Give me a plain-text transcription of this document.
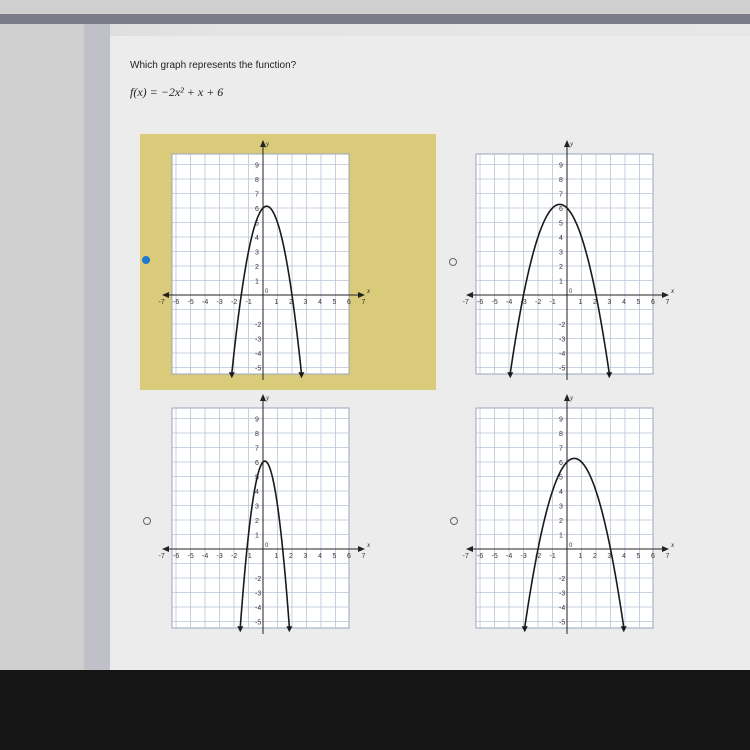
Which graph represents the function?
f(x) = −2x² + x + 6
x
y
-7 -6 -5 -4 -3 -2 -1	1 2 3 4 5 6 7
0
9
8
7
6
5
4
3
2
1
-2
-3
-4
-5
x
y
-7 -6 -5 -4 -3 -2 -1	1 2 3 4 5 6 7
0
9
8
7
6
5
4
3
2
1
-2
-3
-4
-5
x
y
-7 -6 -5 -4 -3 -2 -1	1 2 3 4 5 6 7
0
9
8
7
6
5
4
3
2
1
-2
-3
-4
-5
x
y
-7 -6 -5 -4 -3 -2 -1	1 2 3 4 5 6 7
0
9
8
7
6
5
4
3
2
1
-2
-3
-4
-5
